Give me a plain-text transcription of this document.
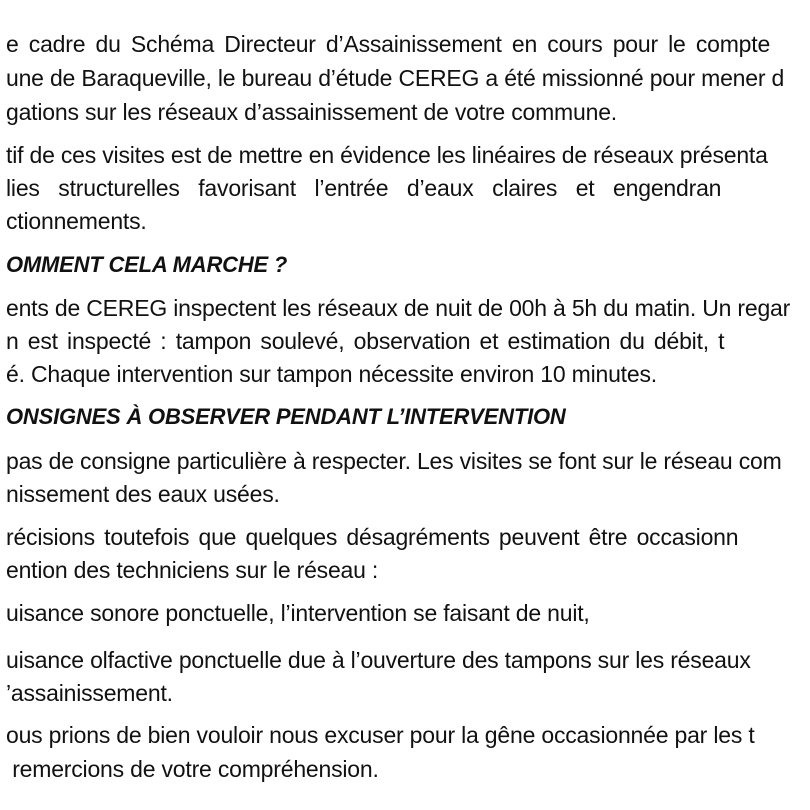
e cadre du Schéma Directeur d’Assainissement en cours pour le compte
une de Baraqueville, le bureau d’étude CEREG a été missionné pour mener d
gations sur les réseaux d’assainissement de votre commune.
tif de ces visites est de mettre en évidence les linéaires de réseaux présenta
lies   structurelles   favorisant   l’entrée   d’eaux   claires   et   engendran
ctionnements.
OMMENT CELA MARCHE ?
ents de CEREG inspectent les réseaux de nuit de 00h à 5h du matin. Un regar
n est inspecté : tampon soulevé, observation et estimation du débit, t
é. Chaque intervention sur tampon nécessite environ 10 minutes.
ONSIGNES À OBSERVER PENDANT L’INTERVENTION
pas de consigne particulière à respecter. Les visites se font sur le réseau com
nissement des eaux usées.
récisions toutefois que quelques désagréments peuvent être occasionn
ention des techniciens sur le réseau :
uisance sonore ponctuelle, l’intervention se faisant de nuit,
uisance olfactive ponctuelle due à l’ouverture des tampons sur les réseaux
’assainissement.
ous prions de bien vouloir nous excuser pour la gêne occasionnée par les t
remercions de votre compréhension.
